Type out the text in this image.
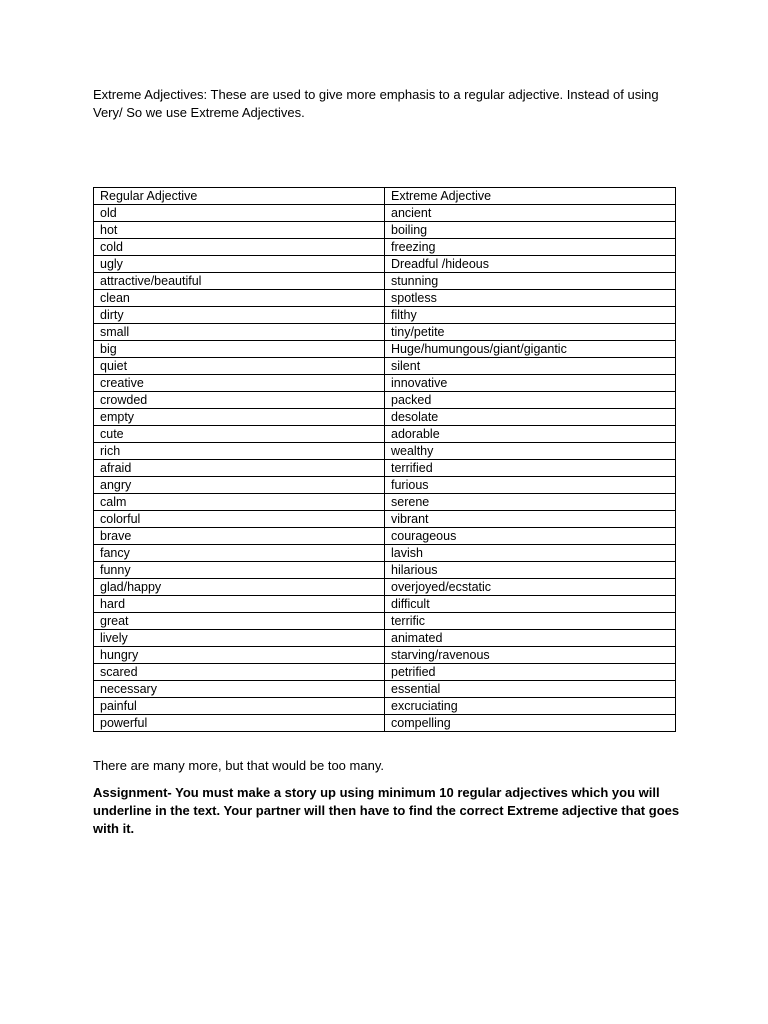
Extreme Adjectives: These are used to give more emphasis to a regular adjective. Instead of using Very/ So we use Extreme Adjectives.

Regular Adjective	Extreme Adjective
old	ancient
hot	boiling
cold	freezing
ugly	Dreadful /hideous
attractive/beautiful	stunning
clean	spotless
dirty	filthy
small	tiny/petite
big	Huge/humungous/giant/gigantic
quiet	silent
creative	innovative
crowded	packed
empty	desolate
cute	adorable
rich	wealthy
afraid	terrified
angry	furious
calm	serene
colorful	vibrant
brave	courageous
fancy	lavish
funny	hilarious
glad/happy	overjoyed/ecstatic
hard	difficult
great	terrific
lively	animated
hungry	starving/ravenous
scared	petrified
necessary	essential
painful	excruciating
powerful	compelling

There are many more, but that would be too many.

Assignment- You must make a story up using minimum 10 regular adjectives which you will underline in the text. Your partner will then have to find the correct Extreme adjective that goes with it.
